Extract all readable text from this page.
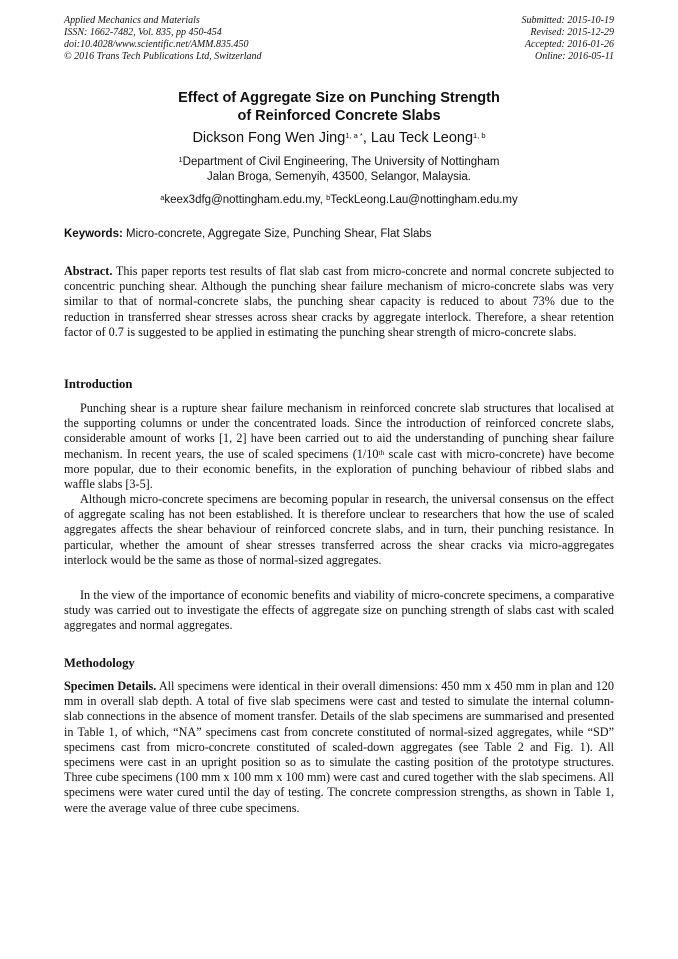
Applied Mechanics and Materials
ISSN: 1662-7482, Vol. 835, pp 450-454
doi:10.4028/www.scientific.net/AMM.835.450
© 2016 Trans Tech Publications Ltd, Switzerland
Submitted: 2015-10-19
Revised: 2015-12-29
Accepted: 2016-01-26
Online: 2016-05-11
Effect of Aggregate Size on Punching Strength
of Reinforced Concrete Slabs
Dickson Fong Wen Jing$^{1, a *}$, Lau Teck Leong$^{1, b}$
$^1$Department of Civil Engineering, The University of Nottingham
Jalan Broga, Semenyih, 43500, Selangor, Malaysia.
$^a$keex3dfg@nottingham.edu.my, $^b$TeckLeong.Lau@nottingham.edu.my
Keywords: Micro-concrete, Aggregate Size, Punching Shear, Flat Slabs
Abstract. This paper reports test results of flat slab cast from micro-concrete and normal concrete subjected to concentric punching shear. Although the punching shear failure mechanism of micro-concrete slabs was very similar to that of normal-concrete slabs, the punching shear capacity is reduced to about 73% due to the reduction in transferred shear stresses across shear cracks by aggregate interlock. Therefore, a shear retention factor of 0.7 is suggested to be applied in estimating the punching shear strength of micro-concrete slabs.
Introduction

Punching shear is a rupture shear failure mechanism in reinforced concrete slab structures that localised at the supporting columns or under the concentrated loads. Since the introduction of reinforced concrete slabs, considerable amount of works [1, 2] have been carried out to aid the understanding of punching shear failure mechanism. In recent years, the use of scaled specimens (1/10th scale cast with micro-concrete) have become more popular, due to their economic benefits, in the exploration of punching behaviour of ribbed slabs and waffle slabs [3-5].

Although micro-concrete specimens are becoming popular in research, the universal consensus on the effect of aggregate scaling has not been established. It is therefore unclear to researchers that how the use of scaled aggregates affects the shear behaviour of reinforced concrete slabs, and in turn, their punching resistance. In particular, whether the amount of shear stresses transferred across the shear cracks via micro-aggregates interlock would be the same as those of normal-sized aggregates.

In the view of the importance of economic benefits and viability of micro-concrete specimens, a comparative study was carried out to investigate the effects of aggregate size on punching strength of slabs cast with scaled aggregates and normal aggregates.

Methodology

Specimen Details. All specimens were identical in their overall dimensions: 450 mm x 450 mm in plan and 120 mm in overall slab depth. A total of five slab specimens were cast and tested to simulate the internal column-slab connections in the absence of moment transfer. Details of the slab specimens are summarised and presented in Table 1, of which, “NA” specimens cast from concrete constituted of normal-sized aggregates, while “SD” specimens cast from micro-concrete constituted of scaled-down aggregates (see Table 2 and Fig. 1). All specimens were cast in an upright position so as to simulate the casting position of the prototype structures. Three cube specimens (100 mm x 100 mm x 100 mm) were cast and cured together with the slab specimens. All specimens were water cured until the day of testing. The concrete compression strengths, as shown in Table 1, were the average value of three cube specimens.
